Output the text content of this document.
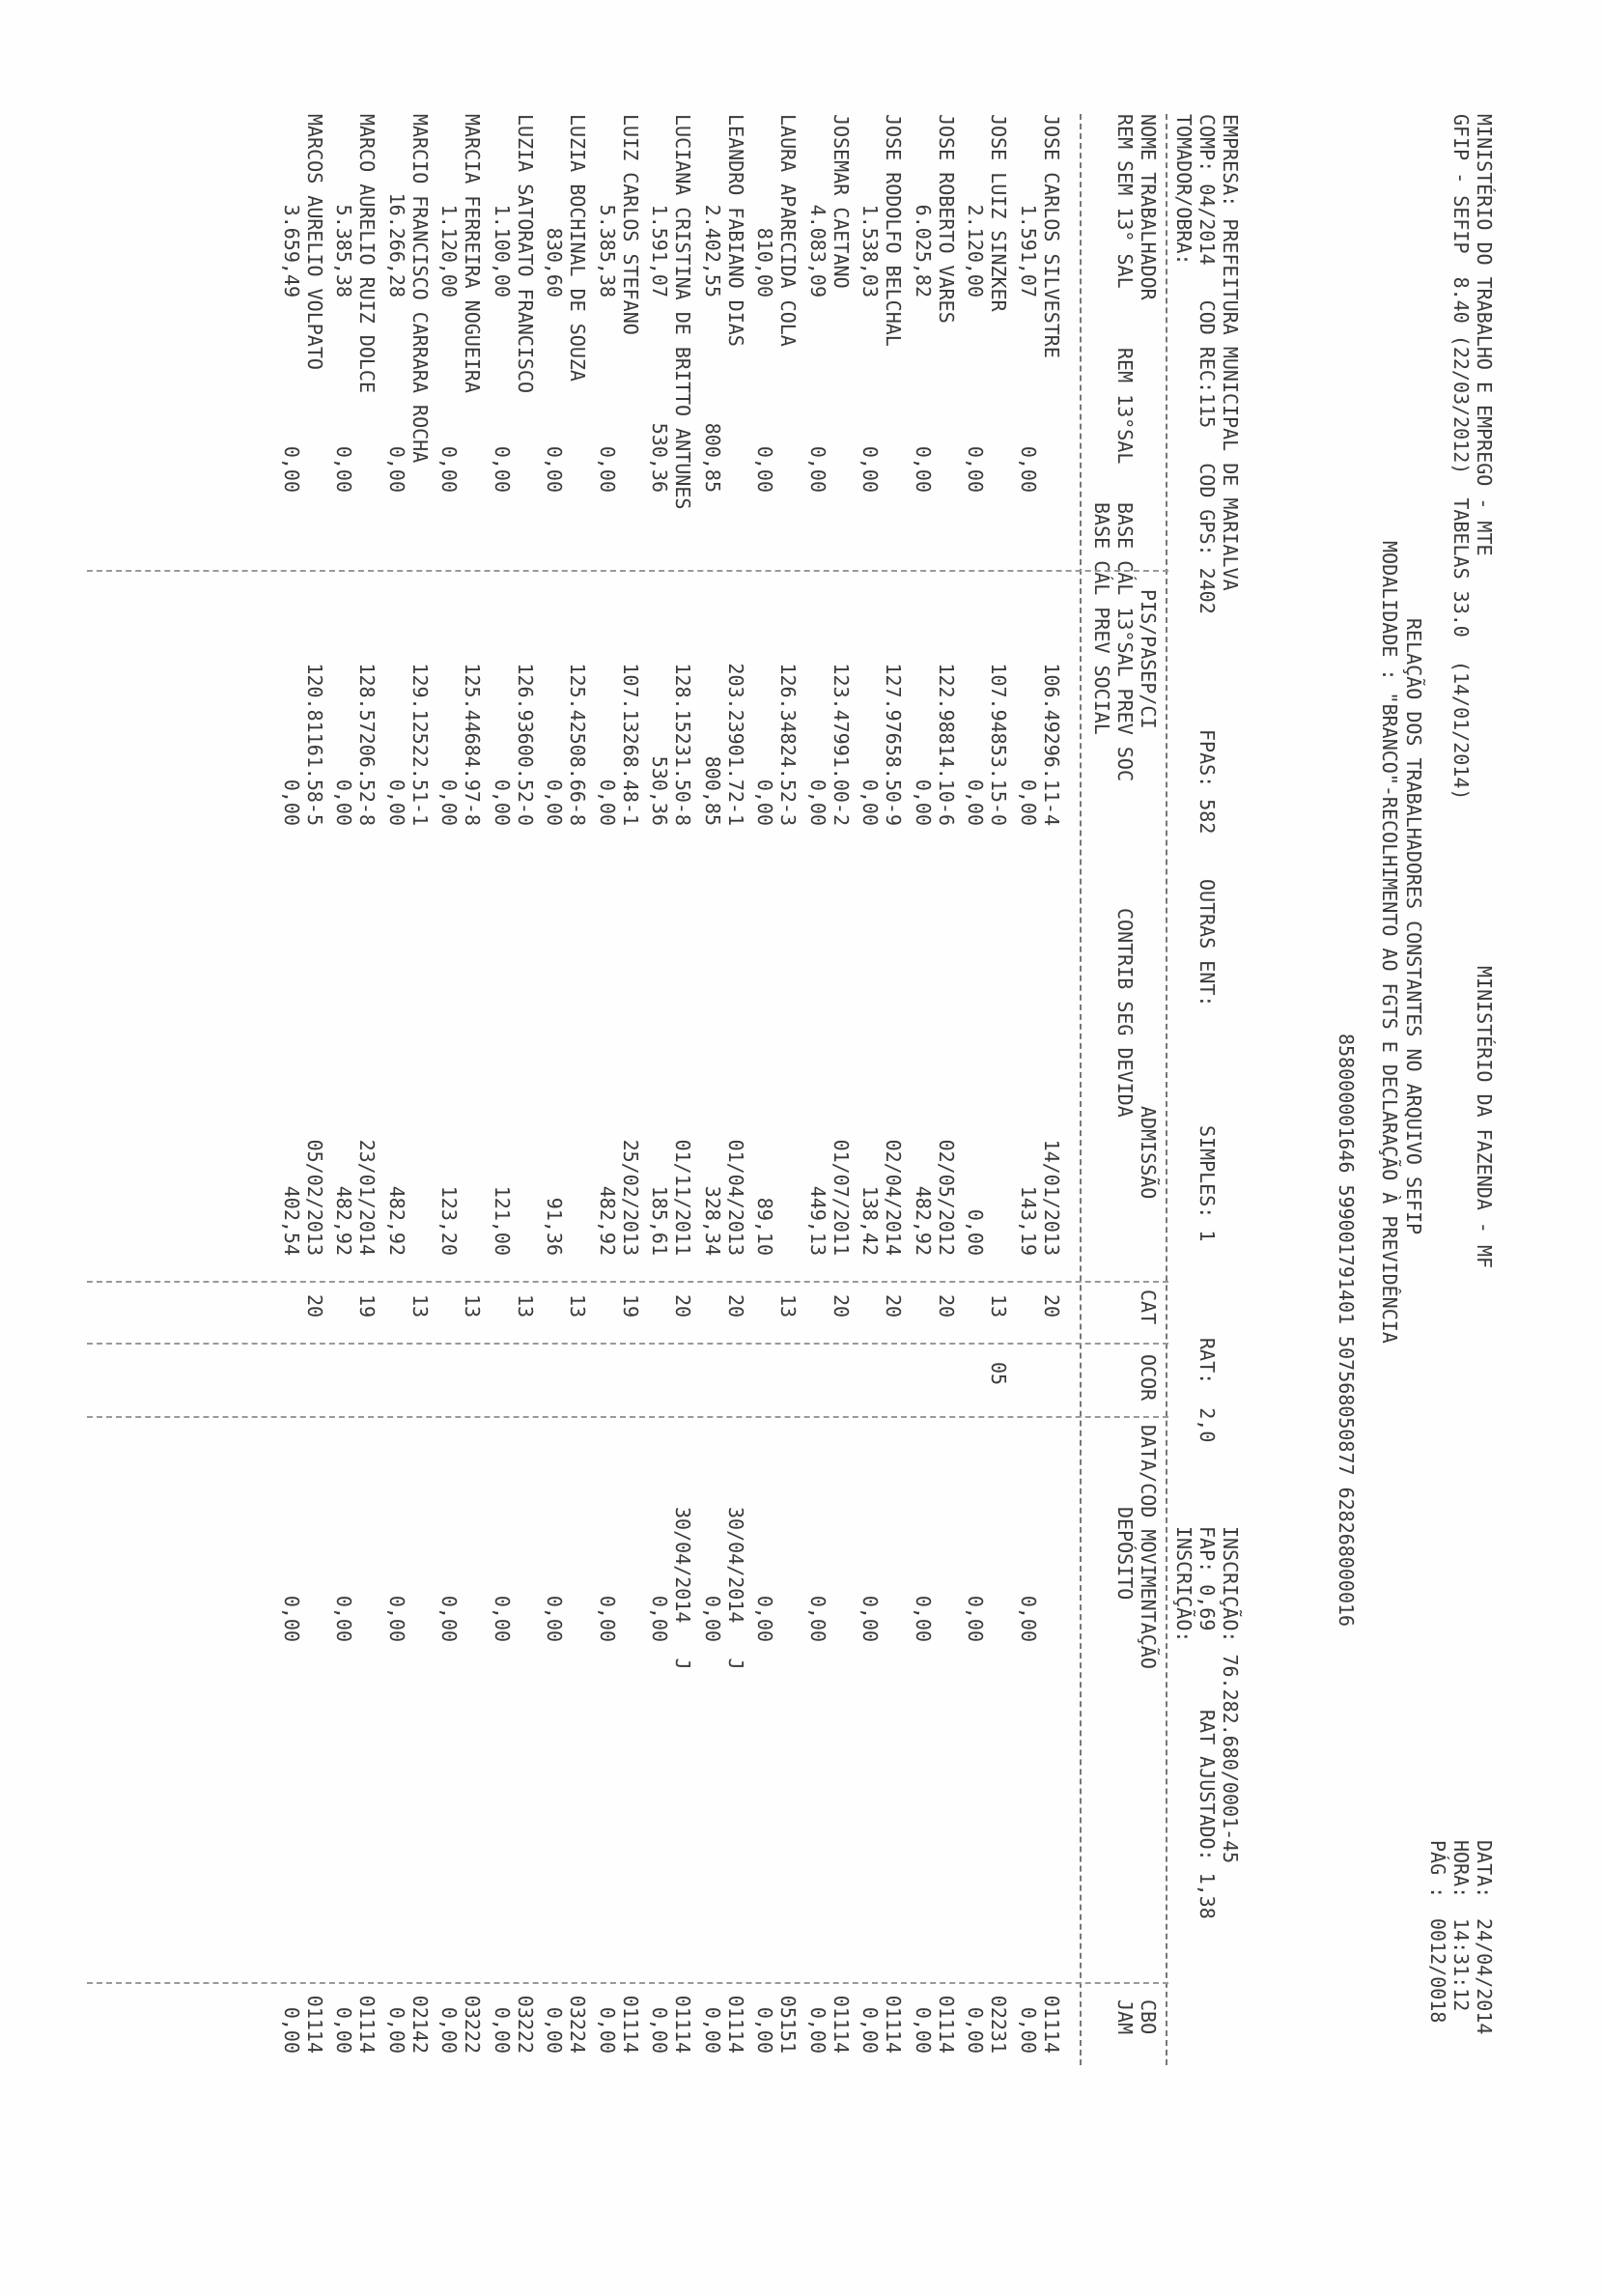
MINISTÉRIO DO TRABALHO E EMPREGO - MTE
GFIP - SEFIP  8.40 (22/03/2012)  TABELAS 33.0  (14/01/2014)
MINISTÉRIO DA FAZENDA - MF
DATA:
24/04/2014
HORA:
14:31:12
PÁG :
0012/0018
RELAÇÃO DOS TRABALHADORES CONSTANTES NO ARQUIVO SEFIP
MODALIDADE : "BRANCO"-RECOLHIMENTO AO FGTS E DECLARAÇÃO À PREVIDÊNCIA
858000001646 599001791401 507568050877 628268000016
EMPRESA: PREFEITURA MUNICIPAL DE MARIALVA
INSCRIÇÃO: 76.282.680/0001-45
COMP: 04/2014   COD REC:115   COD GPS: 2402
FPAS: 582
OUTRAS ENT:
SIMPLES: 1
RAT:  2,0
FAP: 0,69
RAT AJUSTADO: 1,38
TOMADOR/OBRA:
INSCRIÇÃO:
NOME TRABALHADOR
PIS/PASEP/CI
ADMISSÃO
CAT
OCOR
DATA/COD MOVIMENTAÇÃO
CBO
REM SEM 13° SAL
REM 13°SAL
BASE CÁL 13°SAL PREV SOC
BASE CÁL PREV SOCIAL
CONTRIB SEG DEVIDA
DEPÓSITO
JAM
JOSE CARLOS SILVESTRE
106.49296.11-4
14/01/2013
20
01114
1.591,07
0,00
0,00
143,19
0,00
0,00
JOSE LUIZ SINZKER
107.94853.15-0
13
05
02231
2.120,00
0,00
0,00
0,00
0,00
0,00
JOSE ROBERTO VARES
122.98814.10-6
02/05/2012
20
01114
6.025,82
0,00
0,00
482,92
0,00
0,00
JOSE RODOLFO BELCHAL
127.97658.50-9
02/04/2014
20
01114
1.538,03
0,00
0,00
138,42
0,00
0,00
JOSEMAR CAETANO
123.47991.00-2
01/07/2011
20
01114
4.083,09
0,00
0,00
449,13
0,00
0,00
LAURA APARECIDA COLA
126.34824.52-3
13
05151
810,00
0,00
0,00
89,10
0,00
0,00
LEANDRO FABIANO DIAS
203.23901.72-1
01/04/2013
20
30/04/2014   J
01114
2.402,55
800,85
800,85
328,34
0,00
0,00
LUCIANA CRISTINA DE BRITTO ANTUNES
128.15231.50-8
01/11/2011
20
30/04/2014   J
01114
1.591,07
530,36
530,36
185,61
0,00
0,00
LUIZ CARLOS STEFANO
107.13268.48-1
25/02/2013
19
01114
5.385,38
0,00
0,00
482,92
0,00
0,00
LUZIA BOCHINAL DE SOUZA
125.42508.66-8
13
03224
830,60
0,00
0,00
91,36
0,00
0,00
LUZIA SATORATO FRANCISCO
126.93600.52-0
13
03222
1.100,00
0,00
0,00
121,00
0,00
0,00
MARCIA FERREIRA NOGUEIRA
125.44684.97-8
13
03222
1.120,00
0,00
0,00
123,20
0,00
0,00
MARCIO FRANCISCO CARRARA ROCHA
129.12522.51-1
13
02142
16.266,28
0,00
0,00
482,92
0,00
0,00
MARCO AURELIO RUIZ DOLCE
128.57206.52-8
23/01/2014
19
01114
5.385,38
0,00
0,00
482,92
0,00
0,00
MARCOS AURELIO VOLPATO
120.81161.58-5
05/02/2013
20
01114
3.659,49
0,00
0,00
402,54
0,00
0,00
